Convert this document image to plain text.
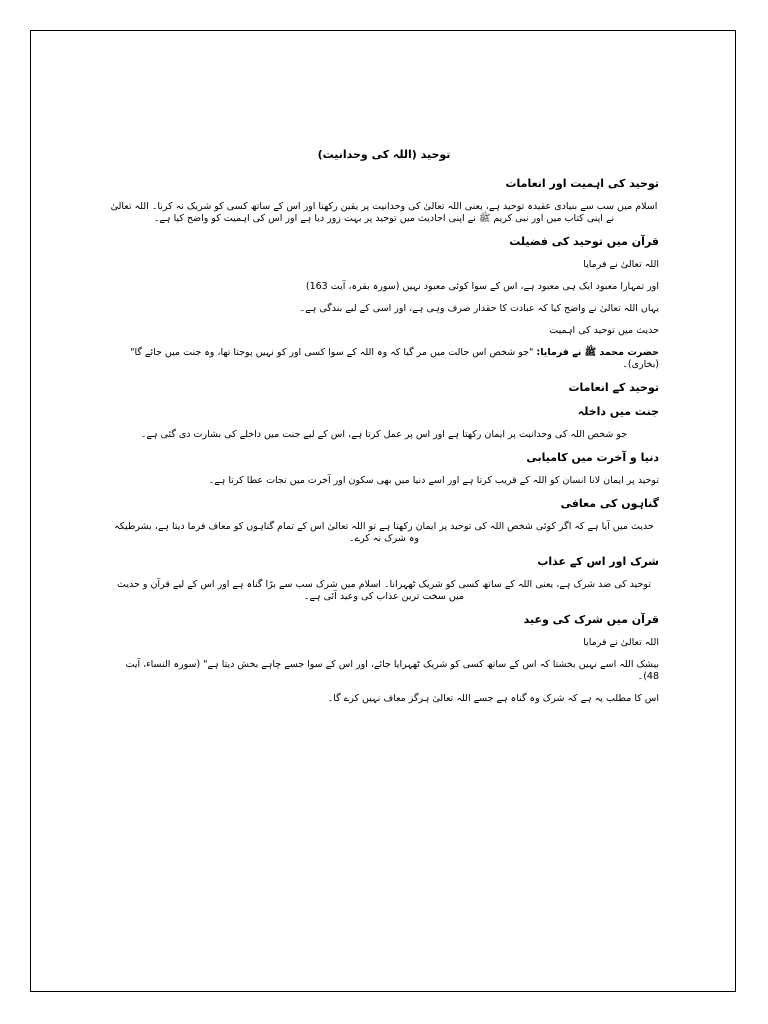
توحید (اللہ کی وحدانیت)
توحید کی اہمیت اور انعامات

اسلام میں سب سے بنیادی عقیدہ توحید ہے، یعنی اللہ تعالیٰ کی وحدانیت پر یقین رکھنا اور اس کے ساتھ کسی کو شریک نہ کرنا۔ اللہ تعالیٰ نے اپنی کتاب میں اور نبی کریم ﷺ نے اپنی احادیث میں توحید پر بہت زور دیا ہے اور اس کی اہمیت کو واضح کیا ہے۔

قرآن میں توحید کی فضیلت

اللہ تعالیٰ نے فرمایا

اور تمہارا معبود ایک ہی معبود ہے، اس کے سوا کوئی معبود نہیں (سورہ بقرہ، آیت 163)

یہاں اللہ تعالیٰ نے واضح کیا کہ عبادت کا حقدار صرف وہی ہے، اور اسی کے لیے بندگی ہے۔

حدیث میں توحید کی اہمیت

حضرت محمد ﷺ نے فرمایا: "جو شخص اس حالت میں مر گیا کہ وہ اللہ کے سوا کسی اور کو نہیں پوجتا تھا، وہ جنت میں جائے گا" (بخاری)۔

توحید کے انعامات
جنت میں داخلہ

جو شخص اللہ کی وحدانیت پر ایمان رکھتا ہے اور اس پر عمل کرتا ہے، اس کے لیے جنت میں داخلے کی بشارت دی گئی ہے۔

دنیا و آخرت میں کامیابی

توحید پر ایمان لانا انسان کو اللہ کے قریب کرتا ہے اور اسے دنیا میں بھی سکون اور آخرت میں نجات عطا کرتا ہے۔

گناہوں کی معافی

حدیث میں آیا ہے کہ اگر کوئی شخص اللہ کی توحید پر ایمان رکھتا ہے تو اللہ تعالیٰ اس کے تمام گناہوں کو معاف فرما دیتا ہے، بشرطیکہ وہ شرک نہ کرے۔

شرک اور اس کے عذاب

توحید کی ضد شرک ہے، یعنی اللہ کے ساتھ کسی کو شریک ٹھہرانا۔ اسلام میں شرک سب سے بڑا گناہ ہے اور اس کے لیے قرآن و حدیث میں سخت ترین عذاب کی وعید آئی ہے۔

قرآن میں شرک کی وعید

اللہ تعالیٰ نے فرمایا

بیشک اللہ اسے نہیں بخشتا کہ اس کے ساتھ کسی کو شریک ٹھہرایا جائے، اور اس کے سوا جسے چاہے بخش دیتا ہے" (سورہ النساء، آیت 48)۔

اس کا مطلب یہ ہے کہ شرک وہ گناہ ہے جسے اللہ تعالیٰ ہرگز معاف نہیں کرے گا۔
